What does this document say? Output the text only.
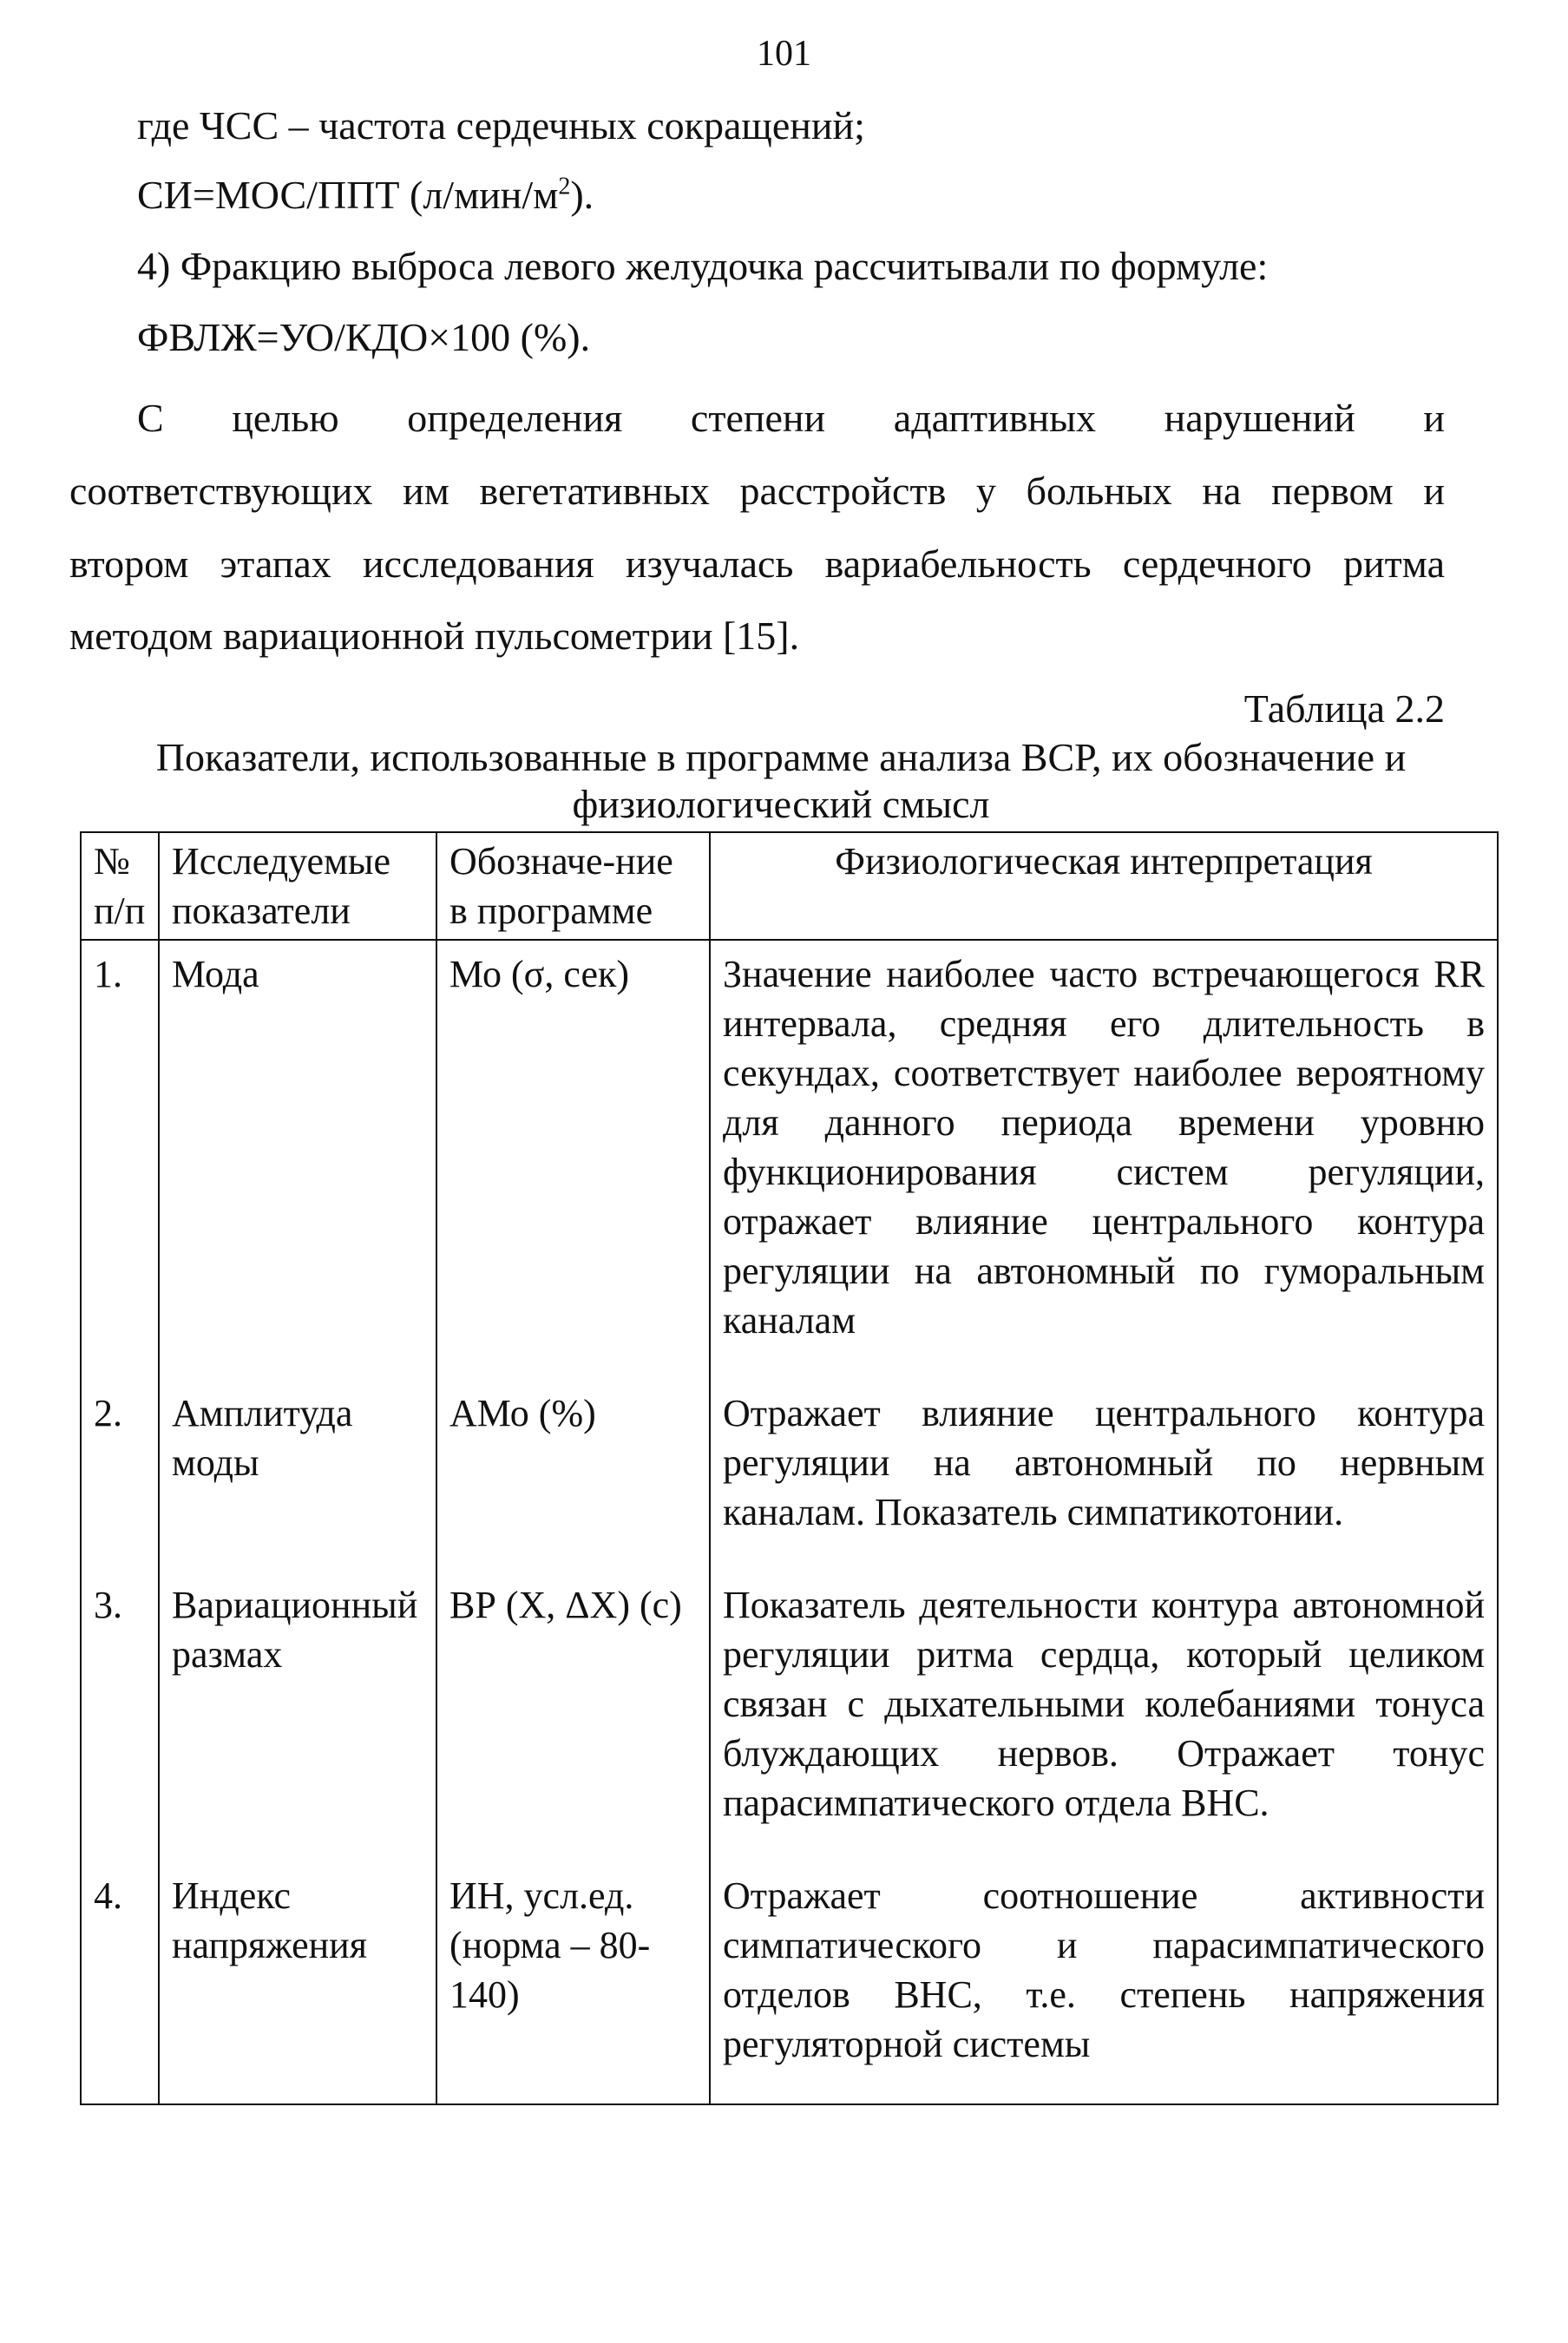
101
где ЧСС – частота сердечных сокращений;
СИ=МОС/ППТ $(л/мин/м^2)$.
4) Фракцию выброса левого желудочка рассчитывали по формуле:
ФВЛЖ=УО/КДО×100 (%).
С целью определения степени адаптивных нарушений и
соответствующих им вегетативных расстройств у больных на первом и
втором этапах исследования изучалась вариабельность сердечного ритма
методом вариационной пульсометрии [15].
Таблица 2.2
Показатели, использованные в программе анализа ВСР, их обозначение и физиологический смысл
№ п/п	Исследуемые показатели	Обозначе-ние в программе	Физиологическая интерпретация
1.	Мода	Мо (σ, сек)	Значение наиболее часто встречающегося RR интервала, средняя его длительность в секундах, соответствует наиболее вероятному для данного периода времени уровню функционирования систем регуляции, отражает влияние центрального контура регуляции на автономный по гуморальным каналам
2.	Амплитуда моды	АМо (%)	Отражает влияние центрального контура регуляции на автономный по нервным каналам. Показатель симпатикотонии.
3.	Вариационный размах	ВР (Х, ΔХ) (с)	Показатель деятельности контура автономной регуляции ритма сердца, который целиком связан с дыхательными колебаниями тонуса блуждающих нервов. Отражает тонус парасимпатического отдела ВНС.
4.	Индекс напряжения	ИН, усл.ед. (норма – 80-140)	Отражает соотношение активности симпатического и парасимпатического отделов ВНС, т.е. степень напряжения регуляторной системы
